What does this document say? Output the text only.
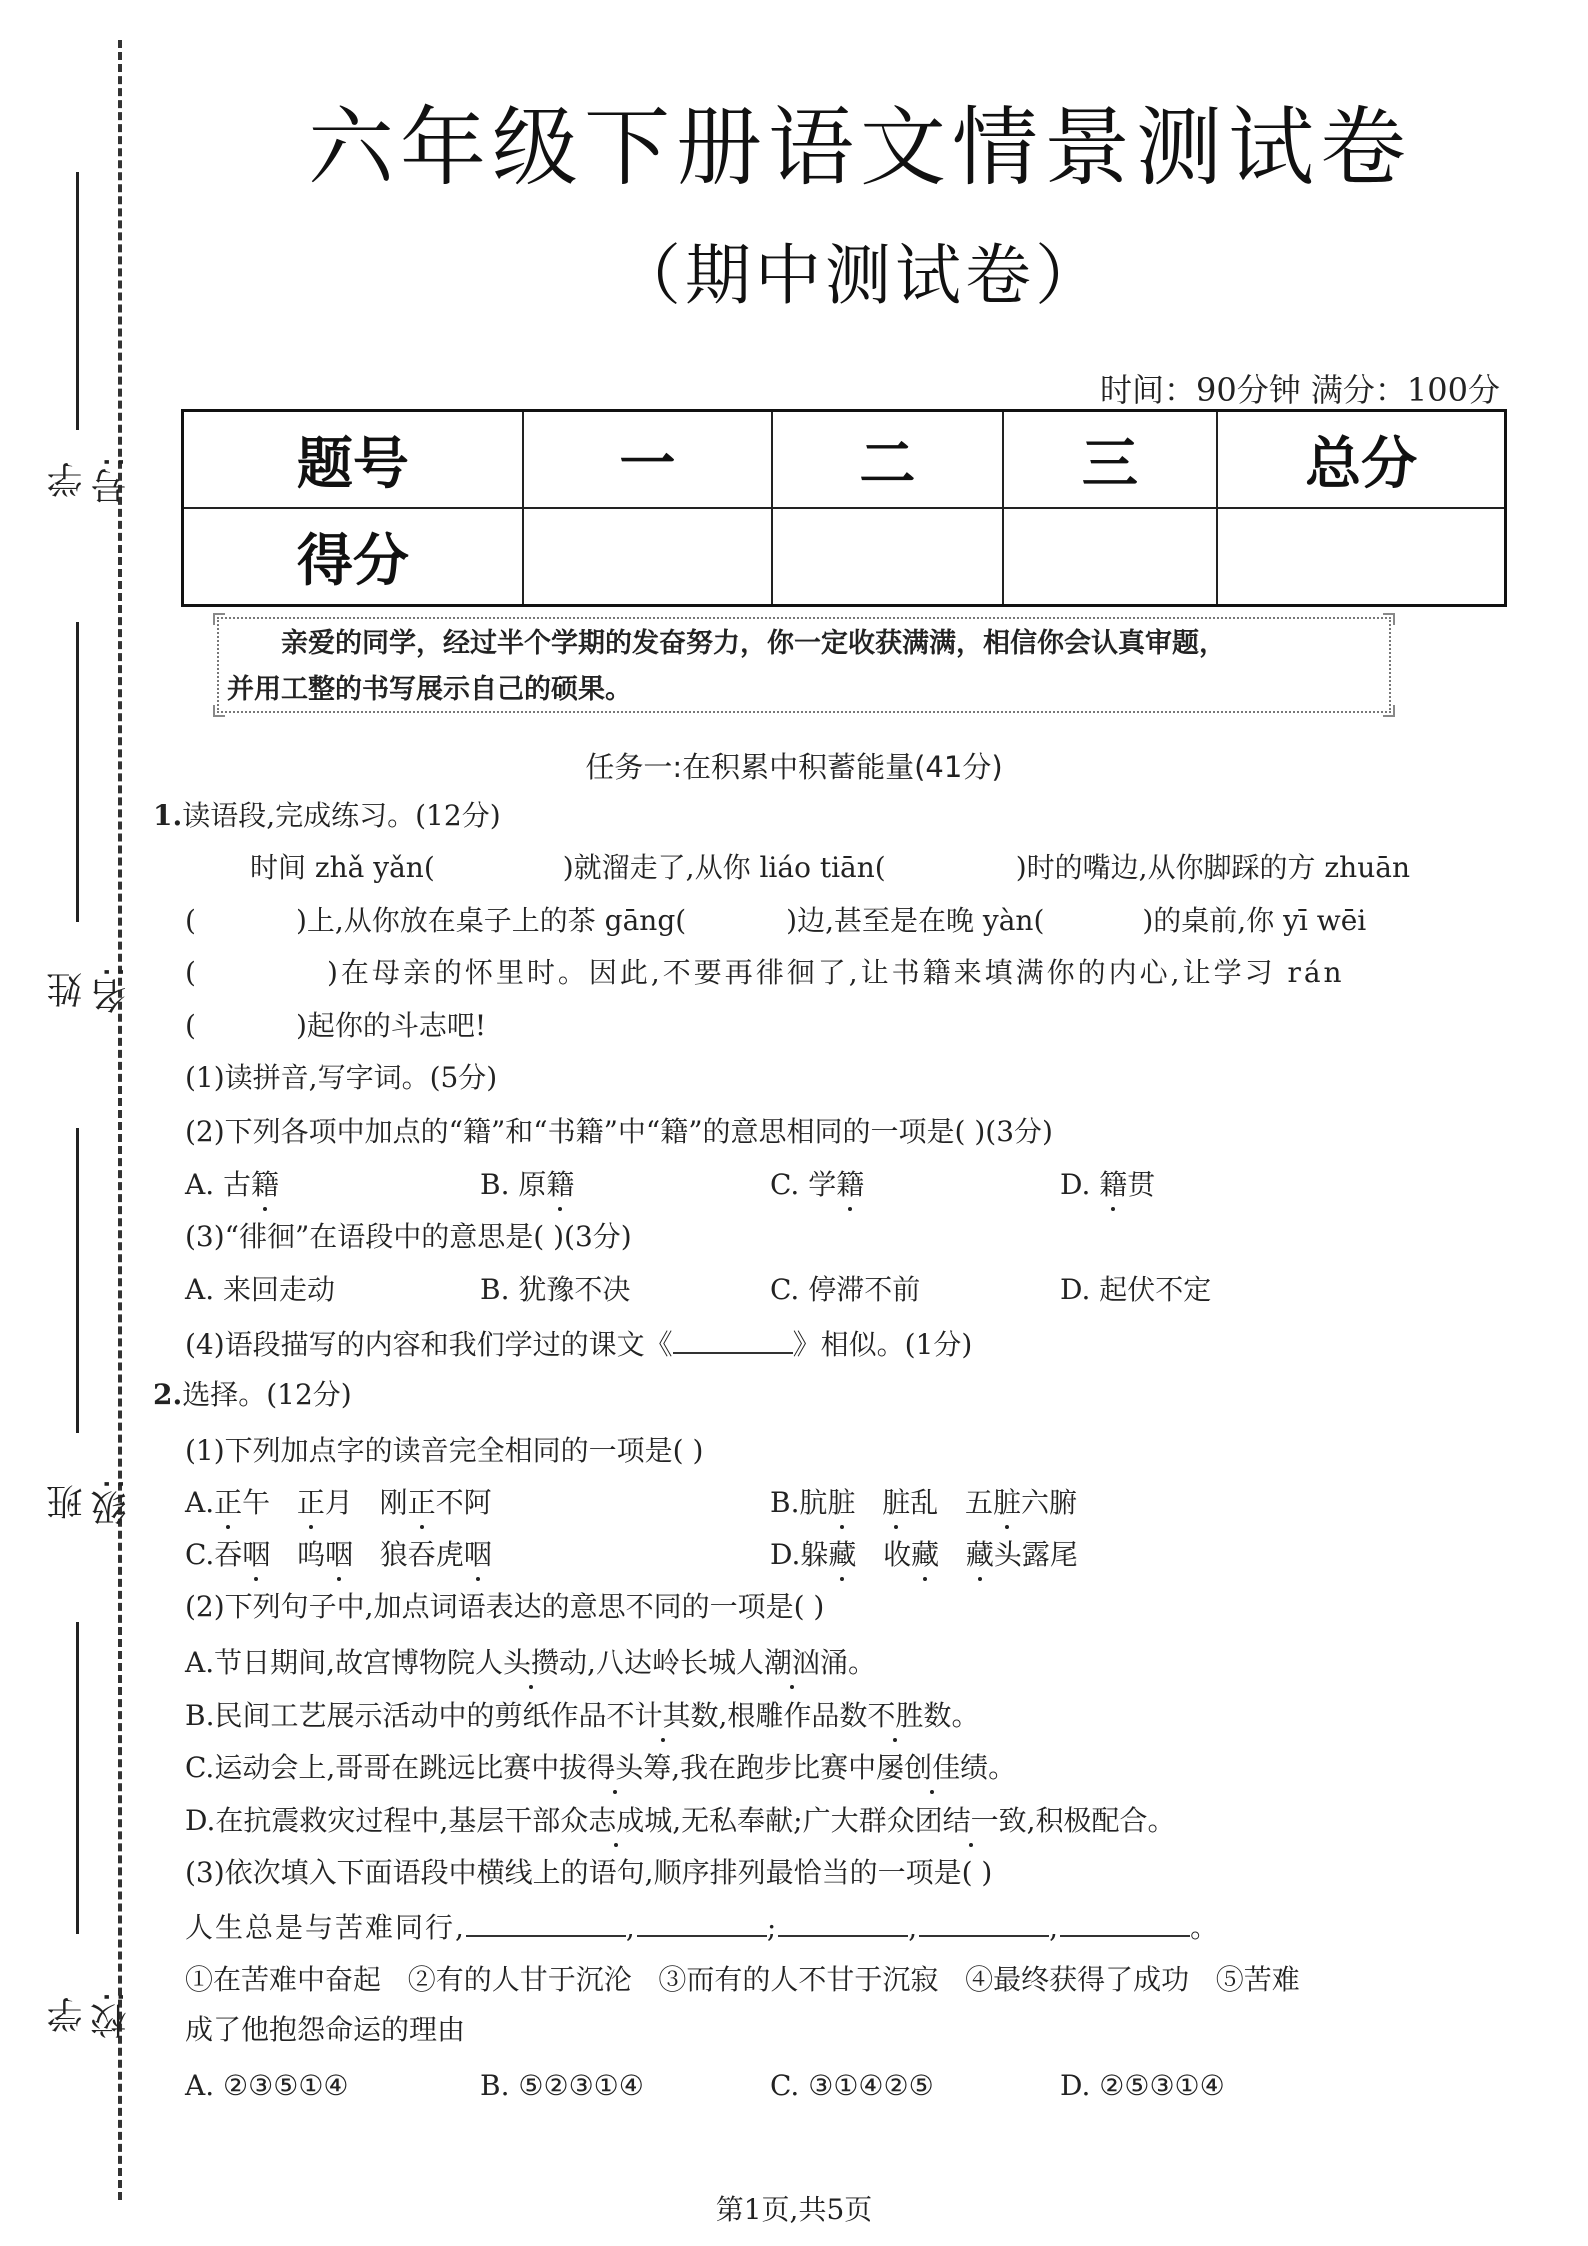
学号:
姓名:
班级:
学校:
六年级下册语文情景测试卷
（期中测试卷）
时间：90分钟 满分：100分
题号	一	二	三	总分
得分				
亲爱的同学，经过半个学期的发奋努力，你一定收获满满，相信你会认真审题，
并用工整的书写展示自己的硕果。
任务一:在积累中积蓄能量(41分)
1.读语段,完成练习。(12分)
时间 zhǎ yǎn(	)就溜走了,从你 liáo tiān(	)时的嘴边,从你脚踩的方 zhuān
(	)上,从你放在桌子上的茶 gāng(	)边,甚至是在晚 yàn(	)的桌前,你 yī wēi
(	)在母亲的怀里时。因此,不要再徘徊了,让书籍来填满你的内心,让学习 rán
(	)起你的斗志吧!
(1)读拼音,写字词。(5分)
(2)下列各项中加点的“籍”和“书籍”中“籍”的意思相同的一项是( )(3分)
A. 古籍	B. 原籍	C. 学籍	D. 籍贯
(3)“徘徊”在语段中的意思是( )(3分)
A. 来回走动	B. 犹豫不决	C. 停滞不前	D. 起伏不定
(4)语段描写的内容和我们学过的课文《	》相似。(1分)
2.选择。(12分)
(1)下列加点字的读音完全相同的一项是( )
A.正午 正月 刚正不阿	B.肮脏 脏乱 五脏六腑
C.吞咽 呜咽 狼吞虎咽	D.躲藏 收藏 藏头露尾
(2)下列句子中,加点词语表达的意思不同的一项是( )
A.节日期间,故宫博物院人头攒动,八达岭长城人潮汹涌。
B.民间工艺展示活动中的剪纸作品不计其数,根雕作品数不胜数。
C.运动会上,哥哥在跳远比赛中拔得头筹,我在跑步比赛中屡创佳绩。
D.在抗震救灾过程中,基层干部众志成城,无私奉献;广大群众团结一致,积极配合。
(3)依次填入下面语段中横线上的语句,顺序排列最恰当的一项是( )
人生总是与苦难同行,	,	;	,	,	。
①在苦难中奋起   ②有的人甘于沉沦   ③而有的人不甘于沉寂   ④最终获得了成功   ⑤苦难
成了他抱怨命运的理由
A. ②③⑤①④	B. ⑤②③①④	C. ③①④②⑤	D. ②⑤③①④
第1页,共5页
